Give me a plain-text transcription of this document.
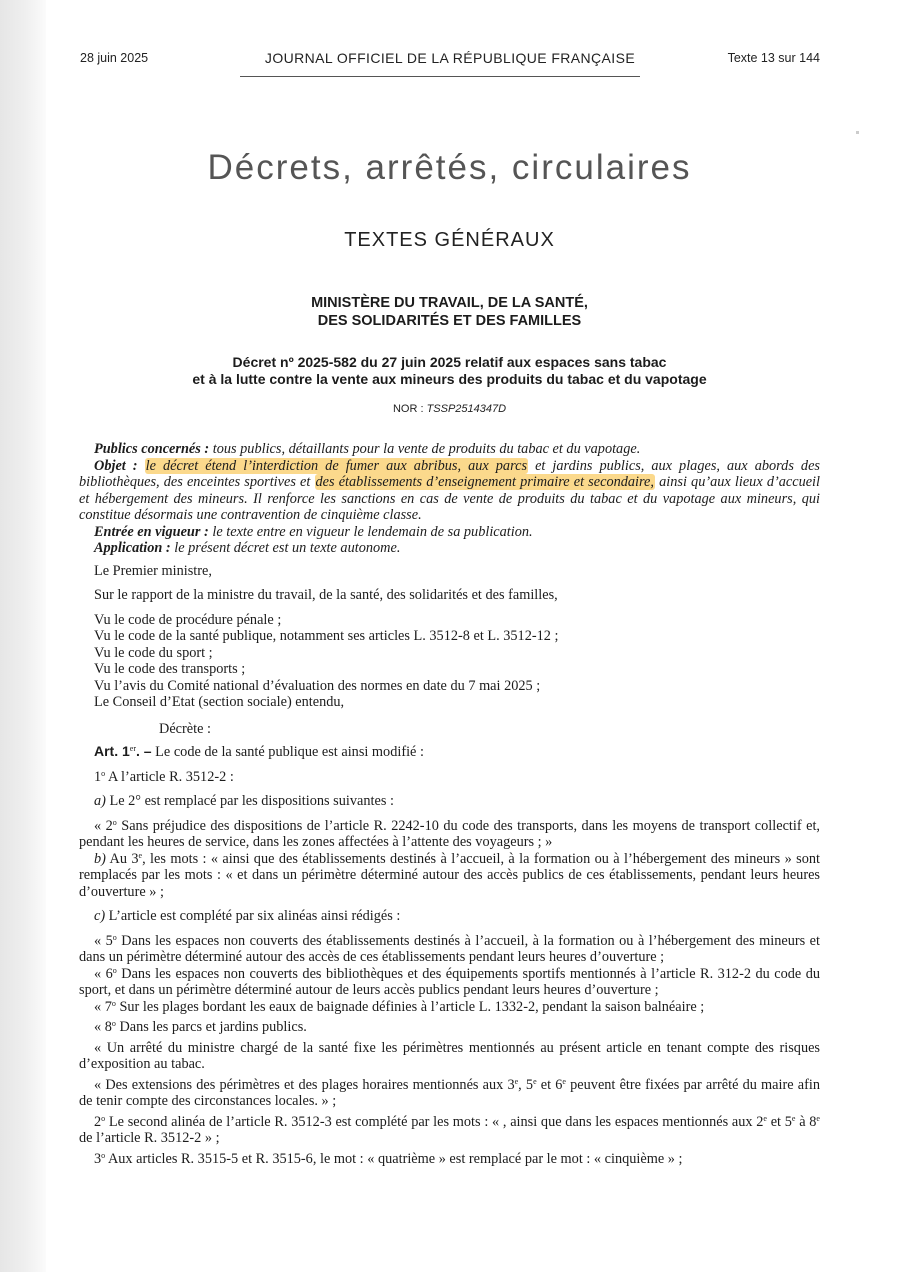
28 juin 2025	JOURNAL OFFICIEL DE LA RÉPUBLIQUE FRANÇAISE	Texte 13 sur 144
Décrets, arrêtés, circulaires
TEXTES GÉNÉRAUX
MINISTÈRE DU TRAVAIL, DE LA SANTÉ,
DES SOLIDARITÉS ET DES FAMILLES
Décret nº 2025-582 du 27 juin 2025 relatif aux espaces sans tabac
et à la lutte contre la vente aux mineurs des produits du tabac et du vapotage
NOR : TSSP2514347D

Publics concernés : tous publics, détaillants pour la vente de produits du tabac et du vapotage.

Objet : le décret étend l’interdiction de fumer aux abribus, aux parcs et jardins publics, aux plages, aux abords des bibliothèques, des enceintes sportives et des établissements d’enseignement primaire et secondaire, ainsi qu’aux lieux d’accueil et hébergement des mineurs. Il renforce les sanctions en cas de vente de produits du tabac et du vapotage aux mineurs, qui constitue désormais une contravention de cinquième classe.

Entrée en vigueur : le texte entre en vigueur le lendemain de sa publication.

Application : le présent décret est un texte autonome.

Le Premier ministre,

Sur le rapport de la ministre du travail, de la santé, des solidarités et des familles,

Vu le code de procédure pénale ;

Vu le code de la santé publique, notamment ses articles L. 3512-8 et L. 3512-12 ;

Vu le code du sport ;

Vu le code des transports ;

Vu l’avis du Comité national d’évaluation des normes en date du 7 mai 2025 ;

Le Conseil d’Etat (section sociale) entendu,

Décrète :

Art. 1er. – Le code de la santé publique est ainsi modifié :

1$^o$ A l’article R. 3512-2 :

a) Le 2° est remplacé par les dispositions suivantes :

« 2$^o$ Sans préjudice des dispositions de l’article R. 2242-10 du code des transports, dans les moyens de transport collectif et, pendant les heures de service, dans les zones affectées à l’attente des voyageurs ; »

b) Au 3e, les mots : « ainsi que des établissements destinés à l’accueil, à la formation ou à l’hébergement des mineurs » sont remplacés par les mots : « et dans un périmètre déterminé autour des accès publics de ces établissements, pendant leurs heures d’ouverture » ;

c) L’article est complété par six alinéas ainsi rédigés :

« 5$^o$ Dans les espaces non couverts des établissements destinés à l’accueil, à la formation ou à l’hébergement des mineurs et dans un périmètre déterminé autour des accès de ces établissements pendant leurs heures d’ouverture ;

« 6$^o$ Dans les espaces non couverts des bibliothèques et des équipements sportifs mentionnés à l’article R. 312-2 du code du sport, et dans un périmètre déterminé autour de leurs accès publics pendant leurs heures d’ouverture ;

« 7$^o$ Sur les plages bordant les eaux de baignade définies à l’article L. 1332-2, pendant la saison balnéaire ;

« 8$^o$ Dans les parcs et jardins publics.

« Un arrêté du ministre chargé de la santé fixe les périmètres mentionnés au présent article en tenant compte des risques d’exposition au tabac.

« Des extensions des périmètres et des plages horaires mentionnés aux 3e, 5e et 6e peuvent être fixées par arrêté du maire afin de tenir compte des circonstances locales. » ;

2$^o$ Le second alinéa de l’article R. 3512-3 est complété par les mots : « , ainsi que dans les espaces mentionnés aux 2e et 5e à 8e de l’article R. 3512-2 » ;

3$^o$ Aux articles R. 3515-5 et R. 3515-6, le mot : « quatrième » est remplacé par le mot : « cinquième » ;
